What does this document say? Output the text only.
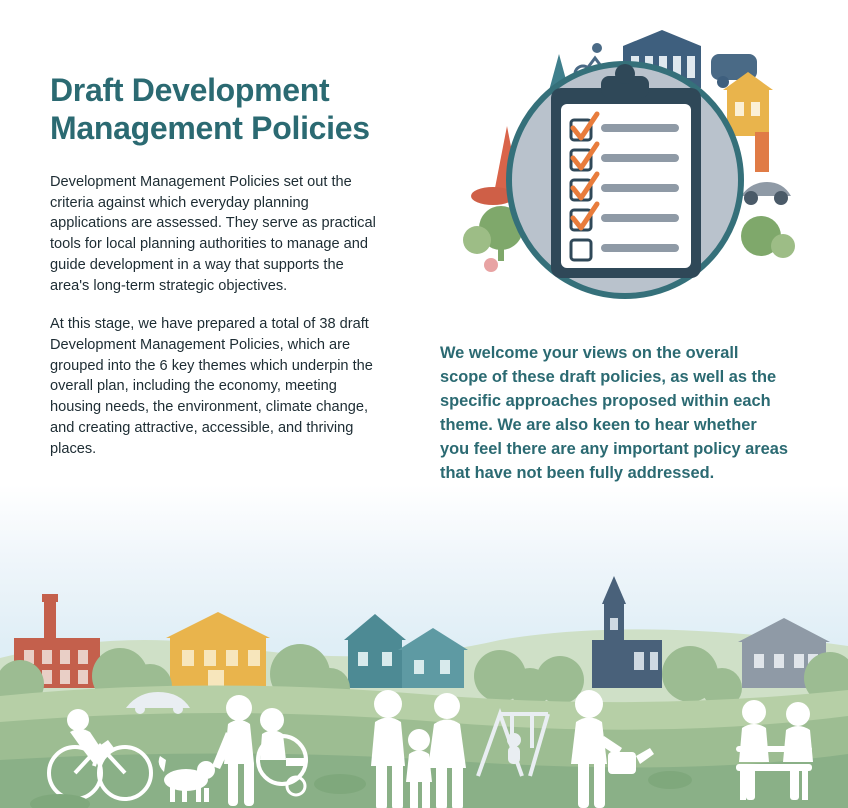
Draft Development Management Policies

Development Management Policies set out the criteria against which everyday planning applications are assessed. They serve as practical tools for local planning authorities to manage and guide development in a way that supports the area's long-term strategic objectives.

At this stage, we have prepared a total of 38 draft Development Management Policies, which are grouped into the 6 key themes which underpin the overall plan, including the economy, meeting housing needs, the environment, climate change, and creating attractive, accessible, and thriving places.

We welcome your views on the overall scope of these draft policies, as well as the specific approaches proposed within each theme. We are also keen to hear whether you feel there are any important policy areas that have not been fully addressed.
